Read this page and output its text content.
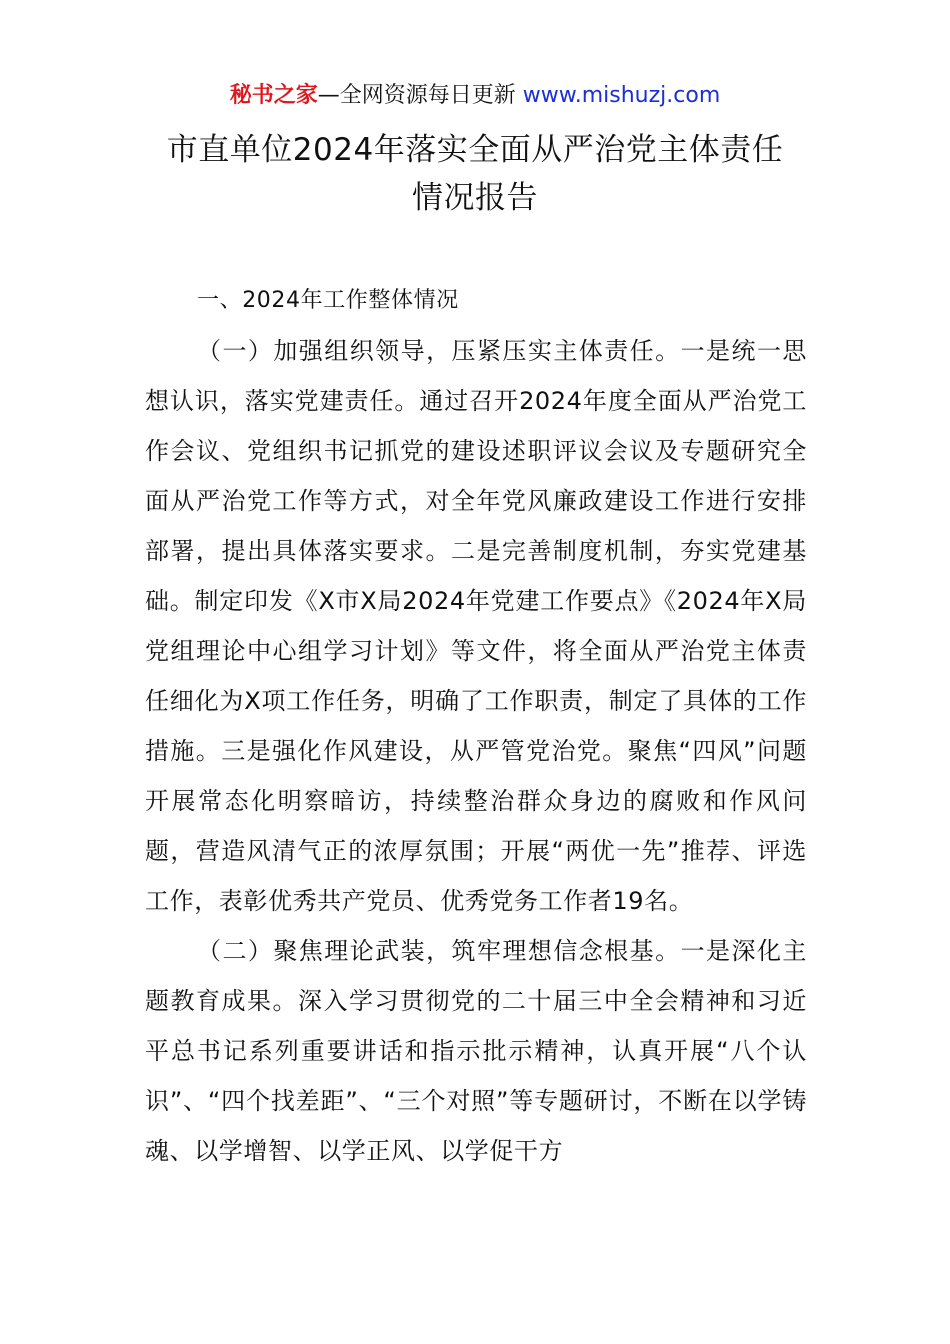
秘书之家—全网资源每日更新 www.mishuzj.com
市直单位2024年落实全面从严治党主体责任
情况报告

一、2024年工作整体情况

（一）加强组织领导，压紧压实主体责任。一是统一思想认识，落实党建责任。通过召开2024年度全面从严治党工作会议、党组织书记抓党的建设述职评议会议及专题研究全面从严治党工作等方式，对全年党风廉政建设工作进行安排部署，提出具体落实要求。二是完善制度机制，夯实党建基础。制定印发《X市X局2024年党建工作要点》《2024年X局党组理论中心组学习计划》等文件，将全面从严治党主体责任细化为X项工作任务，明确了工作职责，制定了具体的工作措施。三是强化作风建设，从严管党治党。聚焦“四风”问题开展常态化明察暗访，持续整治群众身边的腐败和作风问题，营造风清气正的浓厚氛围；开展“两优一先”推荐、评选工作，表彰优秀共产党员、优秀党务工作者19名。

（二）聚焦理论武装，筑牢理想信念根基。一是深化主题教育成果。深入学习贯彻党的二十届三中全会精神和习近平总书记系列重要讲话和指示批示精神，认真开展“八个认识”、“四个找差距”、“三个对照”等专题研讨，不断在以学铸魂、以学增智、以学正风、以学促干方
